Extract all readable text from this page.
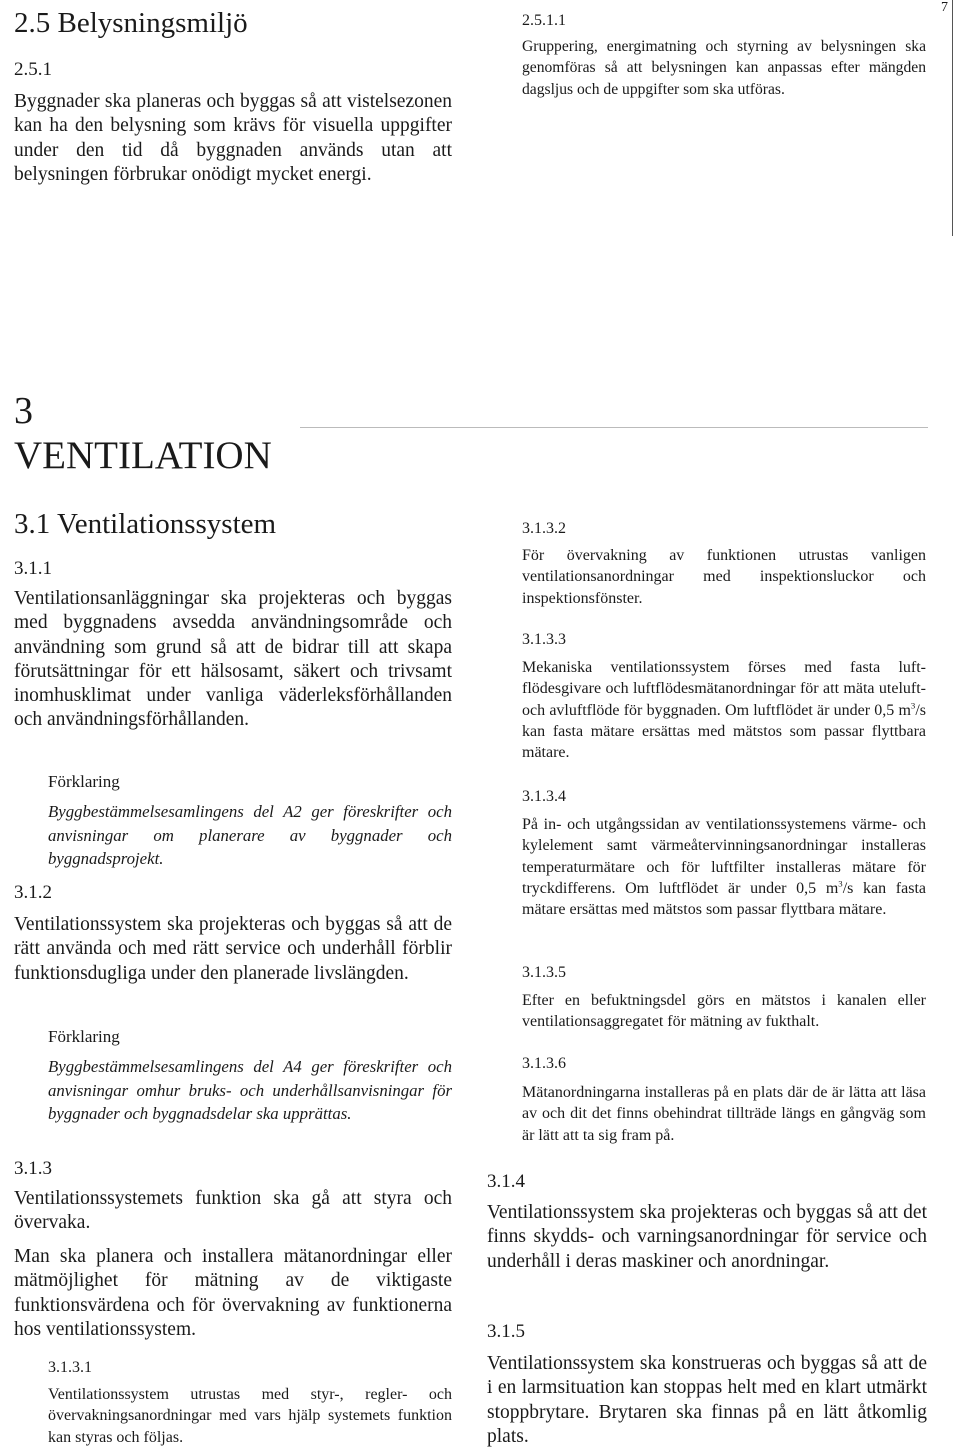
7
2.5 Belysningsmiljö
2.5.1
Byggnader ska planeras och byggas så att vistelsezonen kan ha den belysning som krävs för visuella uppgifter under den tid då byggnaden används utan att belysningen förbrukar onödigt mycket energi.
2.5.1.1
Gruppering, energimatning och styrning av belysningen ska genomföras så att belysningen kan anpassas efter mängden dagsljus och de uppgifter som ska utföras.
3
VENTILATION
3.1 Ventilationssystem
3.1.1
Ventilationsanläggningar ska projekteras och byggas med byggnadens avsedda användningsområde och användning som grund så att de bidrar till att skapa förutsättningar för ett hälsosamt, säkert och trivsamt inomhusklimat under vanliga väderleksförhållanden och användningsförhållanden.
Förklaring
Byggbestämmelsesamlingens del A2 ger föreskrifter och anvisningar om planerare av byggnader och byggnadsprojekt.
3.1.2
Ventilationssystem ska projekteras och byggas så att de rätt använda och med rätt service och underhåll förblir funktionsdugliga under den planerade livslängden.
Förklaring
Byggbestämmelsesamlingens del A4 ger föreskrifter och anvisningar omhur bruks- och underhållsanvisningar för byggnader och byggnadsdelar ska upprättas.
3.1.3
Ventilationssystemets funktion ska gå att styra och övervaka.
Man ska planera och installera mätanordningar eller mätmöjlighet för mätning av de viktigaste funktionsvärdena och för övervakning av funktionerna hos ventilationssystem.
3.1.3.1
Ventilationssystem utrustas med styr-, regler- och övervakningsanordningar med vars hjälp systemets funktion kan styras och följas.
3.1.3.2
För övervakning av funktionen utrustas vanligen ventilationsanordningar med inspektionsluckor och inspektionsfönster.
3.1.3.3
Mekaniska ventilationssystem förses med fasta luftflödesgivare och luftflödesmätanordningar för att mäta uteluft- och avluftflöde för byggnaden. Om luftflödet är under 0,5 $m^3/s$ kan fasta mätare ersättas med mätstos som passar flyttbara mätare.
3.1.3.4
På in- och utgångssidan av ventilationssystemens värme- och kylelement samt värmeåtervinningsanordningar installeras temperaturmätare och för luftfilter installeras mätare för tryckdifferens. Om luftflödet är under 0,5 $m^3/s$ kan fasta mätare ersättas med mätstos som passar flyttbara mätare.
3.1.3.5
Efter en befuktningsdel görs en mätstos i kanalen eller ventilationsaggregatet för mätning av fukthalt.
3.1.3.6
Mätanordningarna installeras på en plats där de är lätta att läsa av och dit det finns obehindrat tillträde längs en gångväg som är lätt att ta sig fram på.
3.1.4
Ventilationssystem ska projekteras och byggas så att det finns skydds- och varningsanordningar för service och underhåll i deras maskiner och anordningar.
3.1.5
Ventilationssystem ska konstrueras och byggas så att de i en larmsituation kan stoppas helt med en klart utmärkt stoppbrytare. Brytaren ska finnas på en lätt åtkomlig plats.
